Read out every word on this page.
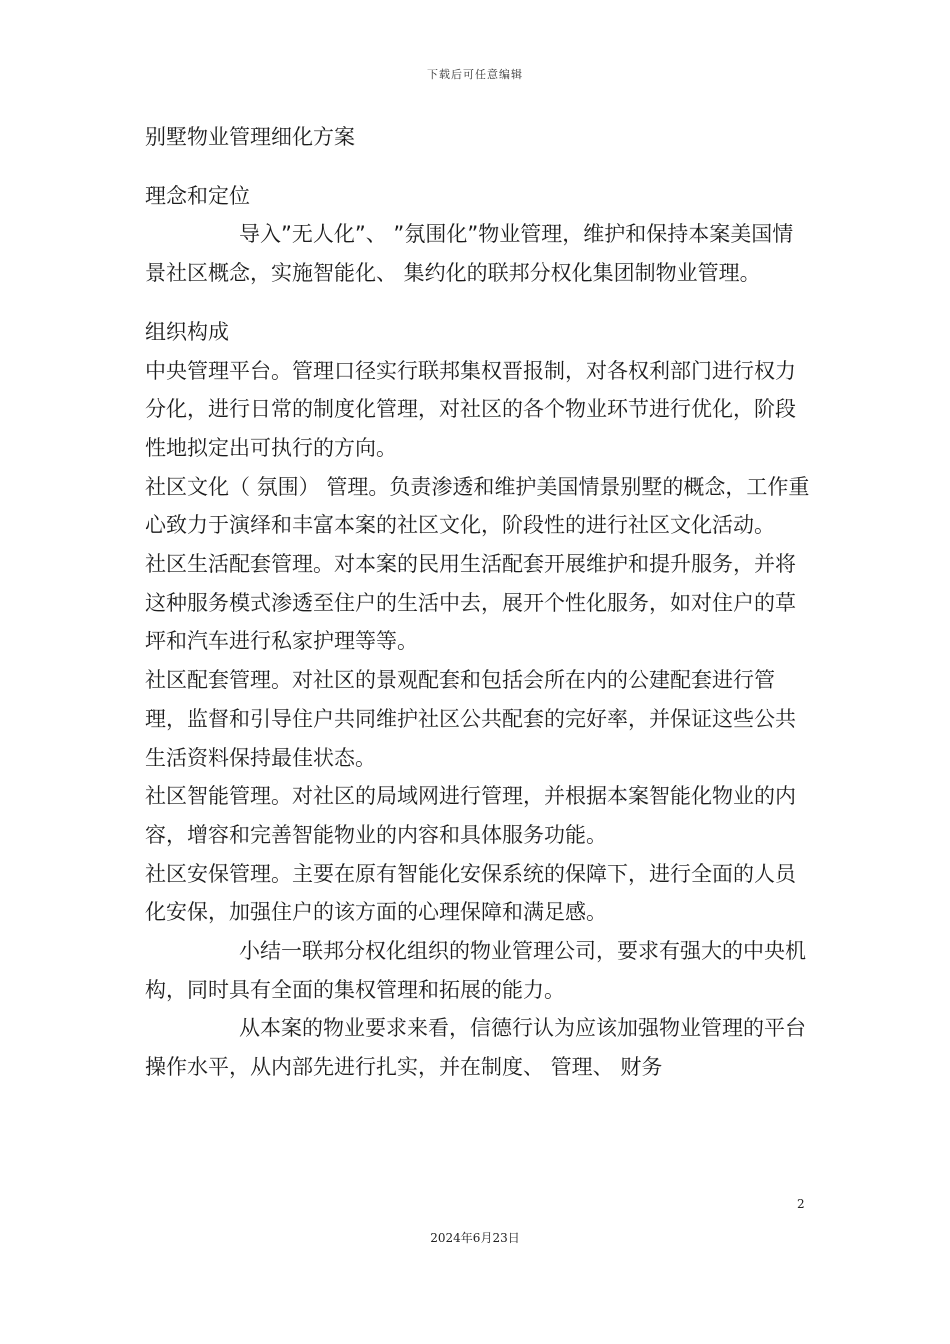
下载后可任意编辑

别墅物业管理细化方案

理念和定位

导入”无人化”、 ”氛围化”物业管理，维护和保持本案美国情景社区概念，实施智能化、 集约化的联邦分权化集团制物业管理。

组织构成

中央管理平台。管理口径实行联邦集权晋报制，对各权利部门进行权力分化，进行日常的制度化管理，对社区的各个物业环节进行优化，阶段性地拟定出可执行的方向。

社区文化（ 氛围） 管理。负责渗透和维护美国情景别墅的概念，工作重心致力于演绎和丰富本案的社区文化，阶段性的进行社区文化活动。

社区生活配套管理。对本案的民用生活配套开展维护和提升服务，并将这种服务模式渗透至住户的生活中去，展开个性化服务，如对住户的草坪和汽车进行私家护理等等。

社区配套管理。对社区的景观配套和包括会所在内的公建配套进行管理，监督和引导住户共同维护社区公共配套的完好率，并保证这些公共生活资料保持最佳状态。

社区智能管理。对社区的局域网进行管理，并根据本案智能化物业的内容，增容和完善智能物业的内容和具体服务功能。

社区安保管理。主要在原有智能化安保系统的保障下，进行全面的人员化安保，加强住户的该方面的心理保障和满足感。

小结一联邦分权化组织的物业管理公司，要求有强大的中央机构，同时具有全面的集权管理和拓展的能力。

从本案的物业要求来看，信德行认为应该加强物业管理的平台操作水平，从内部先进行扎实，并在制度、 管理、 财务

2
2024年6月23日
